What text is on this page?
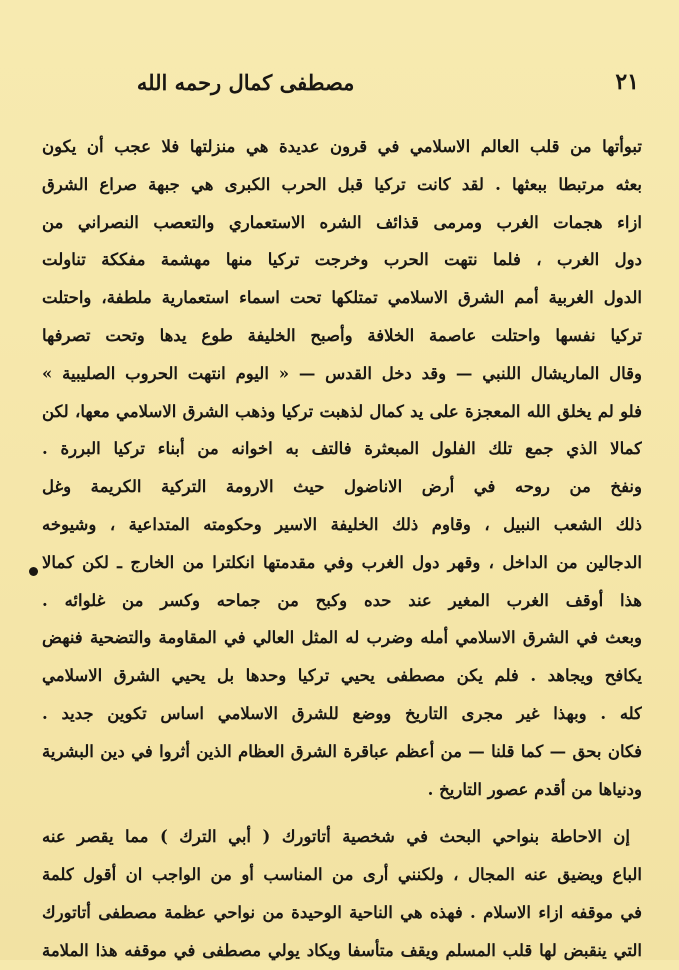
٢١
مصطفى كمال رحمه الله
تبوأتها من قلب العالم الاسلامي في قرون عديدة هي منزلتها فلا عجب أن يكون
بعثه مرتبطا ببعثها . لقد كانت تركيا قبل الحرب الكبرى هي جبهة صراع الشرق
ازاء هجمات الغرب ومرمى قذائف الشره الاستعماري والتعصب النصراني من
دول الغرب ، فلما نتهت الحرب وخرجت تركيا منها مهشمة مفككة تناولت
الدول الغربية أمم الشرق الاسلامي تمتلكها تحت اسماء استعمارية ملطفة، واحتلت
تركيا نفسها واحتلت عاصمة الخلافة وأصبح الخليفة طوع يدها وتحت تصرفها
وقال الماريشال اللنبي — وقد دخل القدس — « اليوم انتهت الحروب الصليبية »
فلو لم يخلق الله المعجزة على يد كمال لذهبت تركيا وذهب الشرق الاسلامي معها، لكن
كمالا الذي جمع تلك الفلول المبعثرة فالتف به اخوانه من أبناء تركيا البررة .
ونفخ من روحه في أرض الاناضول حيث الارومة التركية الكريمة وغل
ذلك الشعب النبيل ، وقاوم ذلك الخليفة الاسير وحكومته المتداعية ، وشيوخه
الدجالين من الداخل ، وقهر دول الغرب وفي مقدمتها انكلترا من الخارج ـ لكن كمالا
هذا أوقف الغرب المغير عند حده وكبح من جماحه وكسر من غلوائه .
وبعث في الشرق الاسلامي أمله وضرب له المثل العالي في المقاومة والتضحية فنهض
يكافح ويجاهد . فلم يكن مصطفى يحيي تركيا وحدها بل يحيي الشرق الاسلامي
كله . وبهذا غير مجرى التاريخ ووضع للشرق الاسلامي اساس تكوين جديد .
فكان بحق — كما قلنا — من أعظم عباقرة الشرق العظام الذين أثروا في دين البشرية
ودنياها من أقدم عصور التاريخ .
إن الاحاطة بنواحي البحث في شخصية أتاتورك ( أبي الترك ) مما يقصر عنه
الباع ويضيق عنه المجال ، ولكنني أرى من المناسب أو من الواجب ان أقول كلمة
في موقفه ازاء الاسلام . فهذه هي الناحية الوحيدة من نواحي عظمة مصطفى أتاتورك
التي ينقبض لها قلب المسلم ويقف متأسفا ويكاد يولي مصطفى في موقفه هذا الملامة
